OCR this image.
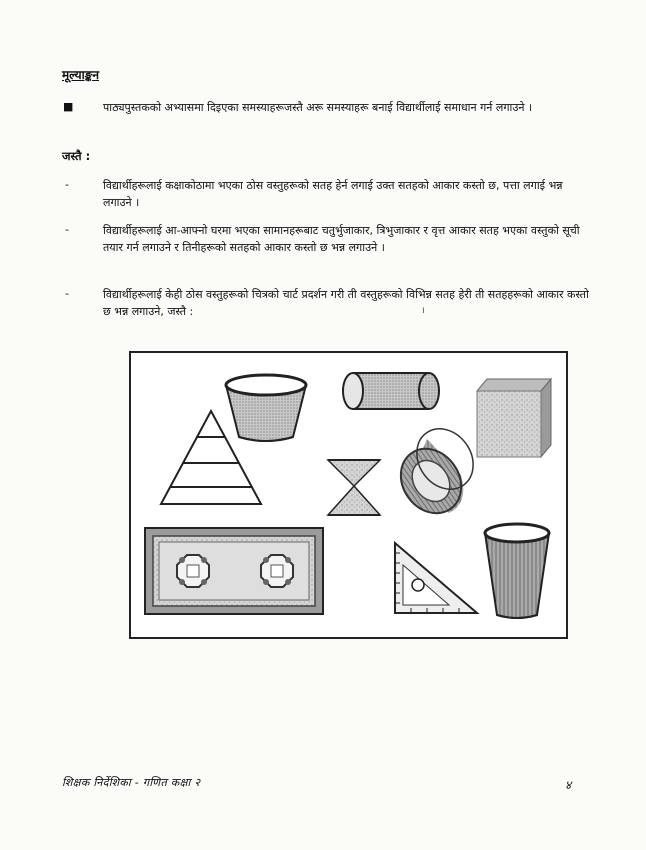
मूल्याङ्कन
■	पाठ्यपुस्तकको अभ्यासमा दिइएका समस्याहरूजस्तै अरू समस्याहरू बनाई विद्यार्थीलाई समाधान गर्न लगाउने ।
जस्तै :
-	विद्यार्थीहरूलाई कक्षाकोठामा भएका ठोस वस्तुहरूको सतह हेर्न लगाई उक्त सतहको आकार कस्तो छ, पत्ता लगाई भन्न लगाउने ।
-	विद्यार्थीहरूलाई आ-आफ्नो घरमा भएका सामानहरूबाट चतुर्भुजाकार, त्रिभुजाकार र वृत्त आकार सतह भएका वस्तुको सूची तयार गर्न लगाउने र तिनीहरूको सतहको आकार कस्तो छ भन्न लगाउने ।
-	विद्यार्थीहरूलाई केही ठोस वस्तुहरूको चित्रको चार्ट प्रदर्शन गरी ती वस्तुहरूको विभिन्न सतह हेरी ती सतहहरूको आकार कस्तो छ भन्न लगाउने, जस्तै :	ı
शिक्षक निर्देशिका - गणित कक्षा २	४
